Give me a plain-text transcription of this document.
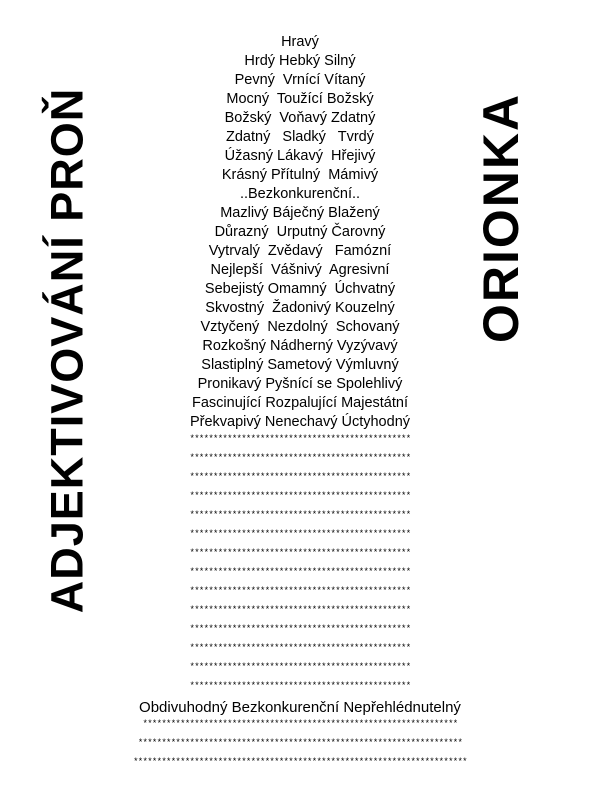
ADJEKTIVOVÁNÍ PROŇ	ORIONKA
Hravý
Hrdý Hebký Silný
Pevný  Vrnící Vítaný
Mocný  Toužící Božský
Božský  Voňavý Zdatný
Zdatný   Sladký   Tvrdý
Úžasný Lákavý  Hřejivý
Krásný Přítulný  Mámivý
..Bezkonkurenční..
Mazlivý Báječný Blažený
Důrazný  Urputný Čarovný
Vytrvalý  Zvědavý   Famózní
Nejlepší  Vášnivý  Agresivní
Sebejistý Omamný  Úchvatný
Skvostný  Žadonivý Kouzelný
Vztyčený  Nezdolný  Schovaný
Rozkošný Nádherný Vyzývavý
Slastiplný Sametový Výmluvný
Pronikavý Pyšnící se Spolehlivý
Fascinující Rozpalující Majestátní
Překvapivý Nenechavý Úctyhodný
***********************************************
***********************************************
***********************************************
***********************************************
***********************************************
***********************************************
***********************************************
***********************************************
***********************************************
***********************************************
***********************************************
***********************************************
***********************************************
***********************************************
Obdivuhodný Bezkonkurenční Nepřehlédnutelný
*******************************************************************
*********************************************************************
***********************************************************************
